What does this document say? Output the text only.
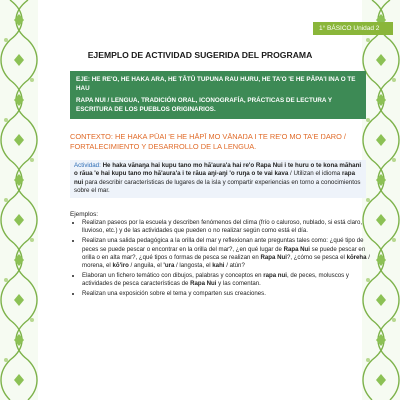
1° BÁSICO Unidad 2
EJEMPLO DE ACTIVIDAD SUGERIDA DEL PROGRAMA

EJE: HE RE'O, HE HAKA ARA, HE TĀTŪ TUPUNA RAU HURU, HE TA'O 'E HE PĀPA'I INA O TE HAU

RAPA NUI / LENGUA, TRADICIÓN ORAL, ICONOGRAFÍA, PRÁCTICAS DE LECTURA Y ESCRITURA DE LOS PUEBLOS ORIGINARIOS.

CONTEXTO: HE HAKA PŪAI 'E HE HĀPĪ MO VĀNAŊA I TE RE'O MO TA'E ŊARO / FORTALECIMIENTO Y DESARROLLO DE LA LENGUA.
Actividad: He haka vānaŋa hai kupu tano mo hā'aura'a hai re'o Rapa Nui i te huru o te kona māhani o rāua 'e hai kupu tano mo hā'aura'a i te rāua aŋi-aŋi 'o ruŋa o te vai kava / Utilizan el idioma rapa nui para describir características de lugares de la isla y compartir experiencias en torno a conocimientos sobre el mar.
Ejemplos:
• Realizan paseos por la escuela y describen fenómenos del clima (frío o caluroso, nublado, si está claro, lluvioso, etc.) y de las actividades que pueden o no realizar según como está el día.
• Realizan una salida pedagógica a la orilla del mar y reflexionan ante preguntas tales como: ¿qué tipo de peces se puede pescar o encontrar en la orilla del mar?, ¿en qué lugar de Rapa Nui se puede pescar en orilla o en alta mar?, ¿qué tipos o formas de pesca se realizan en Rapa Nui?, ¿cómo se pesca el kōreha / morena, el kō'iro / anguila, el 'ura / langosta, el kahi / atún?
• Elaboran un fichero temático con dibujos, palabras y conceptos en rapa nui, de peces, moluscos y actividades de pesca características de Rapa Nui y las comentan.
• Realizan una exposición sobre el tema y comparten sus creaciones.
